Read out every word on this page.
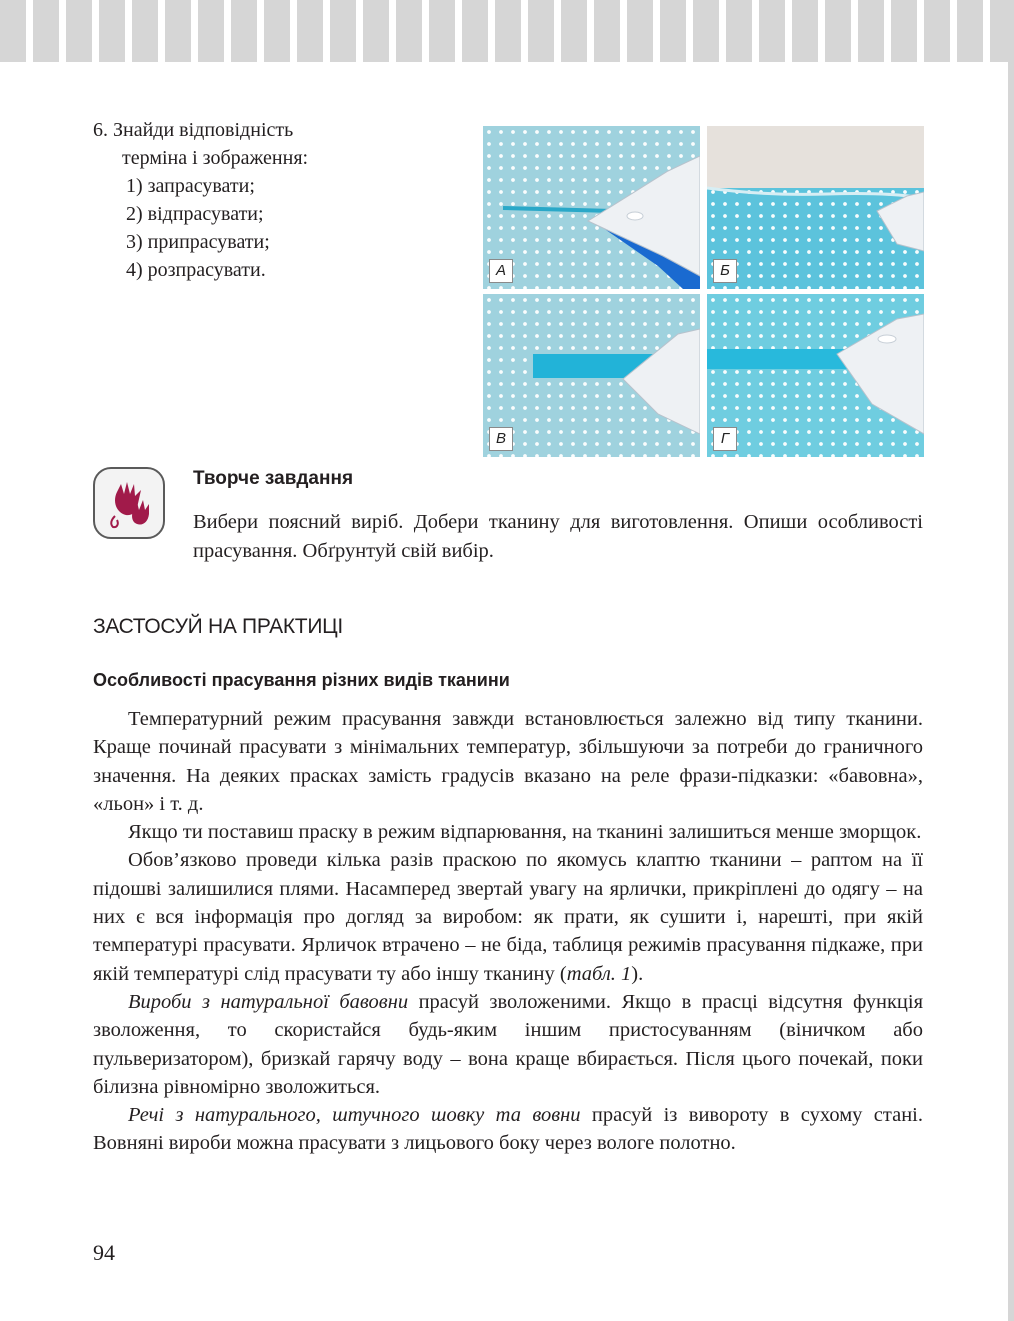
6. Знайди відповідність
терміна і зображення:
1) запрасувати;
2) відпрасувати;
3) припрасувати;
4) розпрасувати.	А	Б
В	Г
Творче завдання
Вибери поясний виріб. Добери тканину для виготовлення. Опиши особливості прасування. Обґрунтуй свій вибір.
ЗАСТОСУЙ НА ПРАКТИЦІ
Особливості прасування різних видів тканини

Температурний режим прасування завжди встановлюється залежно від типу тканини. Краще починай прасувати з мінімальних температур, збільшуючи за потреби до граничного значення. На деяких прасках замість градусів вказано на реле фрази-підказки: «бавовна», «льон» і т. д.

Якщо ти поставиш праску в режим відпарювання, на тканині залишиться менше зморщок.

Обов’язково проведи кілька разів праскою по якомусь клаптю тканини – раптом на її підошві залишилися плями. Насамперед звертай увагу на ярлички, прикріплені до одягу – на них є вся інформація про догляд за виробом: як прати, як сушити і, нарешті, при якій температурі прасувати. Ярличок втрачено – не біда, таблиця режимів прасування підкаже, при якій температурі слід прасувати ту або іншу тканину (табл. 1).

Вироби з натуральної бавовни прасуй зволоженими. Якщо в прасці відсутня функція зволоження, то скористайся будь-яким іншим пристосуванням (віничком або пульверизатором), бризкай гарячу воду – вона краще вбирається. Після цього почекай, поки білизна рівномірно зволожиться.

Речі з натурального, штучного шовку та вовни прасуй із вивороту в сухому стані. Вовняні вироби можна прасувати з лицьового боку через вологе полотно.

94
